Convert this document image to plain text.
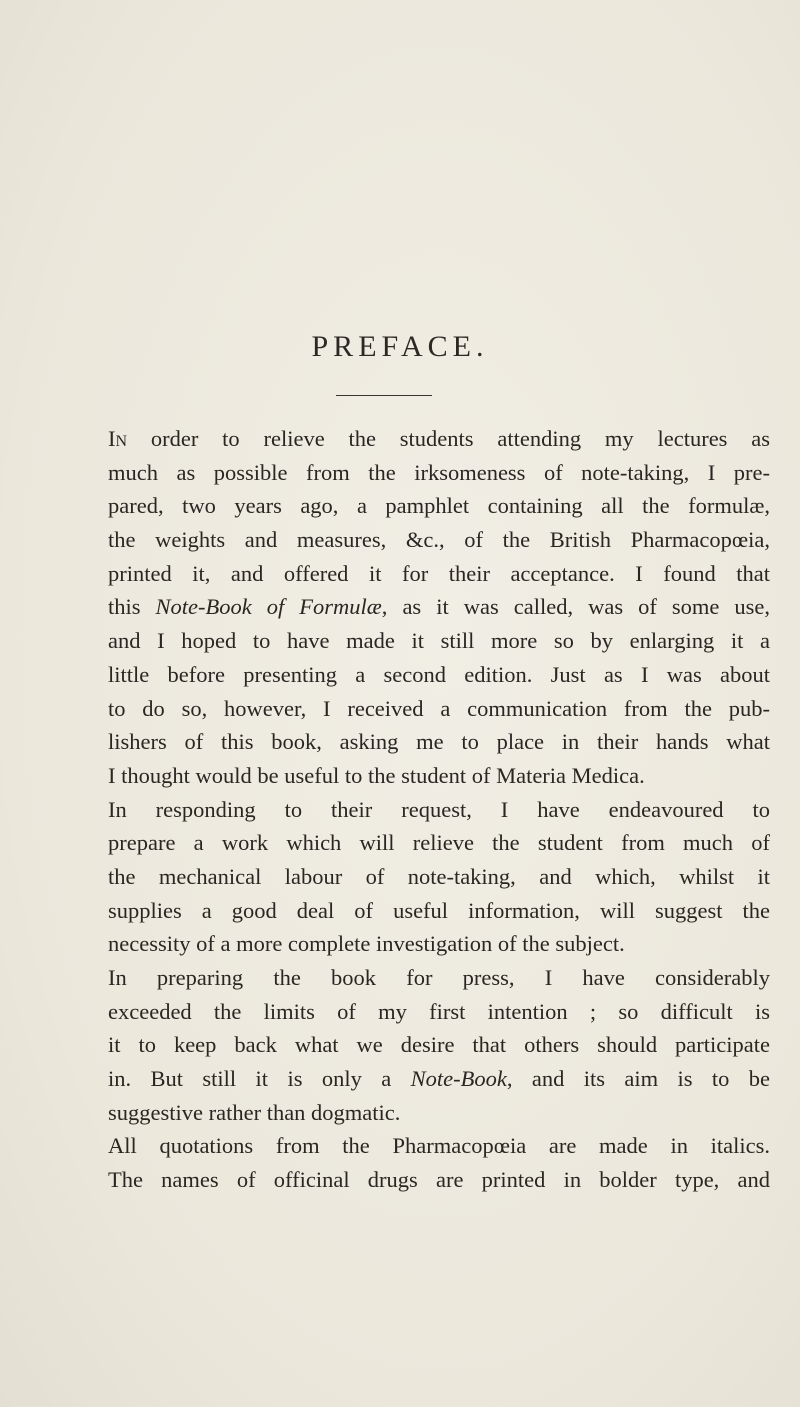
PREFACE.
In order to relieve the students attending my lectures as
much as possible from the irksomeness of note-taking, I pre-
pared, two years ago, a pamphlet containing all the formulæ,
the weights and measures, &c., of the British Pharmacopœia,
printed it, and offered it for their acceptance. I found that
this Note-Book of Formulæ, as it was called, was of some use,
and I hoped to have made it still more so by enlarging it a
little before presenting a second edition. Just as I was about
to do so, however, I received a communication from the pub-
lishers of this book, asking me to place in their hands what
I thought would be useful to the student of Materia Medica.
In responding to their request, I have endeavoured to
prepare a work which will relieve the student from much of
the mechanical labour of note-taking, and which, whilst it
supplies a good deal of useful information, will suggest the
necessity of a more complete investigation of the subject.
In preparing the book for press, I have considerably
exceeded the limits of my first intention ; so difficult is
it to keep back what we desire that others should participate
in. But still it is only a Note-Book, and its aim is to be
suggestive rather than dogmatic.
All quotations from the Pharmacopœia are made in italics.
The names of officinal drugs are printed in bolder type, and
